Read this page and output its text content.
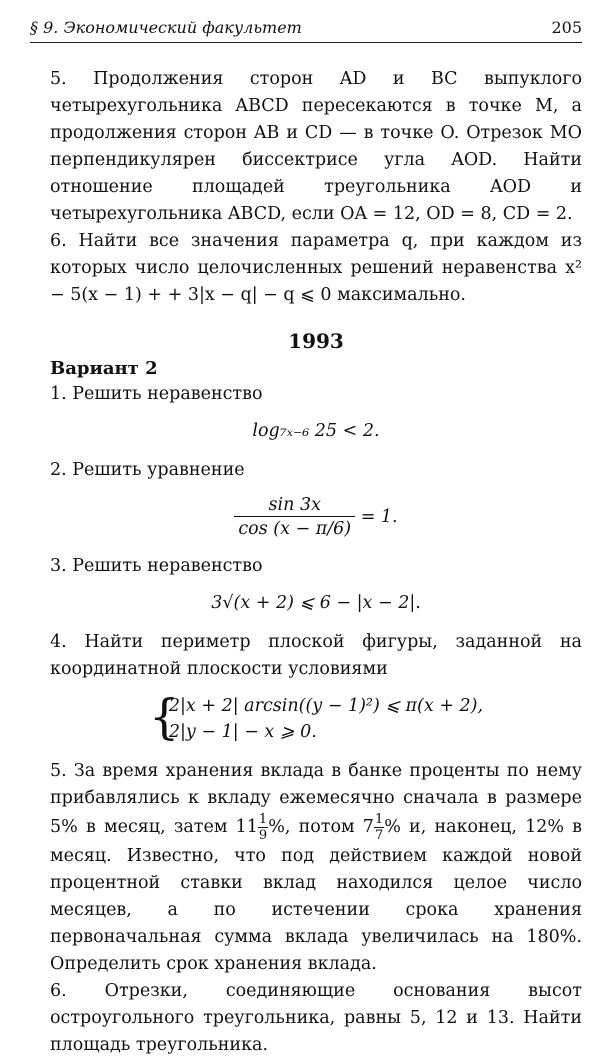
§ 9. Экономический факультет	205

5. Продолжения сторон AD и BC выпуклого четырехугольника ABCD пересекаются в точке M, а продолжения сторон AB и CD — в точке O. Отрезок MO перпендикулярен биссектрисе угла AOD. Найти отношение площадей треугольника AOD и четырехугольника ABCD, если OA = 12, OD = 8, CD = 2.

6. Найти все значения параметра q, при каждом из которых число целочисленных решений неравенства x² − 5(x − 1) + + 3|x − q| − q ⩽ 0 максимально.

1993

Вариант 2

1. Решить неравенство

log₇ₓ₋₆ 25 < 2.

2. Решить уравнение

$\frac{\sin 3x}{\cos (x - \pi/6)} = 1$.

3. Решить неравенство

3√(x + 2) ⩽ 6 − |x − 2|.

4. Найти периметр плоской фигуры, заданной на координатной плоскости условиями

{
2|x + 2| arcsin((y − 1)²) ⩽ π(x + 2),
2|y − 1| − x ⩾ 0.

5. За время хранения вклада в банке проценты по нему прибавлялись к вкладу ежемесячно сначала в размере 5% в месяц, затем $11 \frac{1}{9}$ %, потом $7 \frac{1}{7}$ % и, наконец, 12% в месяц. Известно, что под действием каждой новой процентной ставки вклад находился целое число месяцев, а по истечении срока хранения первоначальная сумма вклада увеличилась на 180%. Определить срок хранения вклада.

6. Отрезки, соединяющие основания высот остроугольного треугольника, равны 5, 12 и 13. Найти площадь треугольника.
